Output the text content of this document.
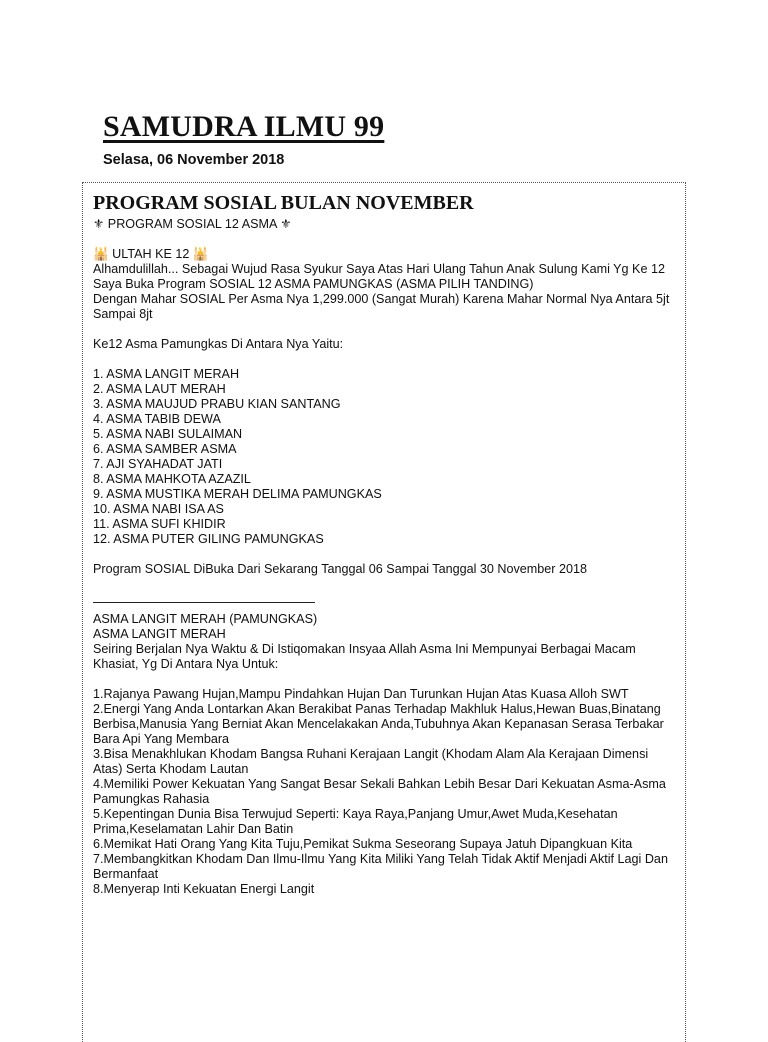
SAMUDRA ILMU 99
Selasa, 06 November 2018
PROGRAM SOSIAL BULAN NOVEMBER
⚜ PROGRAM SOSIAL 12 ASMA ⚜
🕌 ULTAH KE 12 🕌
Alhamdulillah... Sebagai Wujud Rasa Syukur Saya Atas Hari Ulang Tahun Anak Sulung Kami Yg Ke 12
Saya Buka Program SOSIAL 12 ASMA PAMUNGKAS (ASMA PILIH TANDING)
Dengan Mahar SOSIAL Per Asma Nya 1,299.000 (Sangat Murah) Karena Mahar Normal Nya Antara 5jt Sampai 8jt
Ke12 Asma Pamungkas Di Antara Nya Yaitu:
1. ASMA LANGIT MERAH
2. ASMA LAUT MERAH
3. ASMA MAUJUD PRABU KIAN SANTANG
4. ASMA TABIB DEWA
5. ASMA NABI SULAIMAN
6. ASMA SAMBER ASMA
7. AJI SYAHADAT JATI
8. ASMA MAHKOTA AZAZIL
9. ASMA MUSTIKA MERAH DELIMA PAMUNGKAS
10. ASMA NABI ISA AS
11. ASMA SUFI KHIDIR
12. ASMA PUTER GILING PAMUNGKAS
Program SOSIAL DiBuka Dari Sekarang Tanggal 06 Sampai Tanggal 30 November 2018
ASMA LANGIT MERAH (PAMUNGKAS)
ASMA LANGIT MERAH
Seiring Berjalan Nya Waktu & Di Istiqomakan Insyaa Allah Asma Ini Mempunyai Berbagai Macam Khasiat, Yg Di Antara Nya Untuk:
1.Rajanya Pawang Hujan,Mampu Pindahkan Hujan Dan Turunkan Hujan Atas Kuasa Alloh SWT
2.Energi Yang Anda Lontarkan Akan Berakibat Panas Terhadap Makhluk Halus,Hewan Buas,Binatang Berbisa,Manusia Yang Berniat Akan Mencelakakan Anda,Tubuhnya Akan Kepanasan Serasa Terbakar Bara Api Yang Membara
3.Bisa Menakhlukan Khodam Bangsa Ruhani Kerajaan Langit (Khodam Alam Ala Kerajaan Dimensi Atas) Serta Khodam Lautan
4.Memiliki Power Kekuatan Yang Sangat Besar Sekali Bahkan Lebih Besar Dari Kekuatan Asma-Asma Pamungkas Rahasia
5.Kepentingan Dunia Bisa Terwujud Seperti: Kaya Raya,Panjang Umur,Awet Muda,Kesehatan Prima,Keselamatan Lahir Dan Batin
6.Memikat Hati Orang Yang Kita Tuju,Pemikat Sukma Seseorang Supaya Jatuh Dipangkuan Kita
7.Membangkitkan Khodam Dan Ilmu-Ilmu Yang Kita Miliki Yang Telah Tidak Aktif Menjadi Aktif Lagi Dan Bermanfaat
8.Menyerap Inti Kekuatan Energi Langit
